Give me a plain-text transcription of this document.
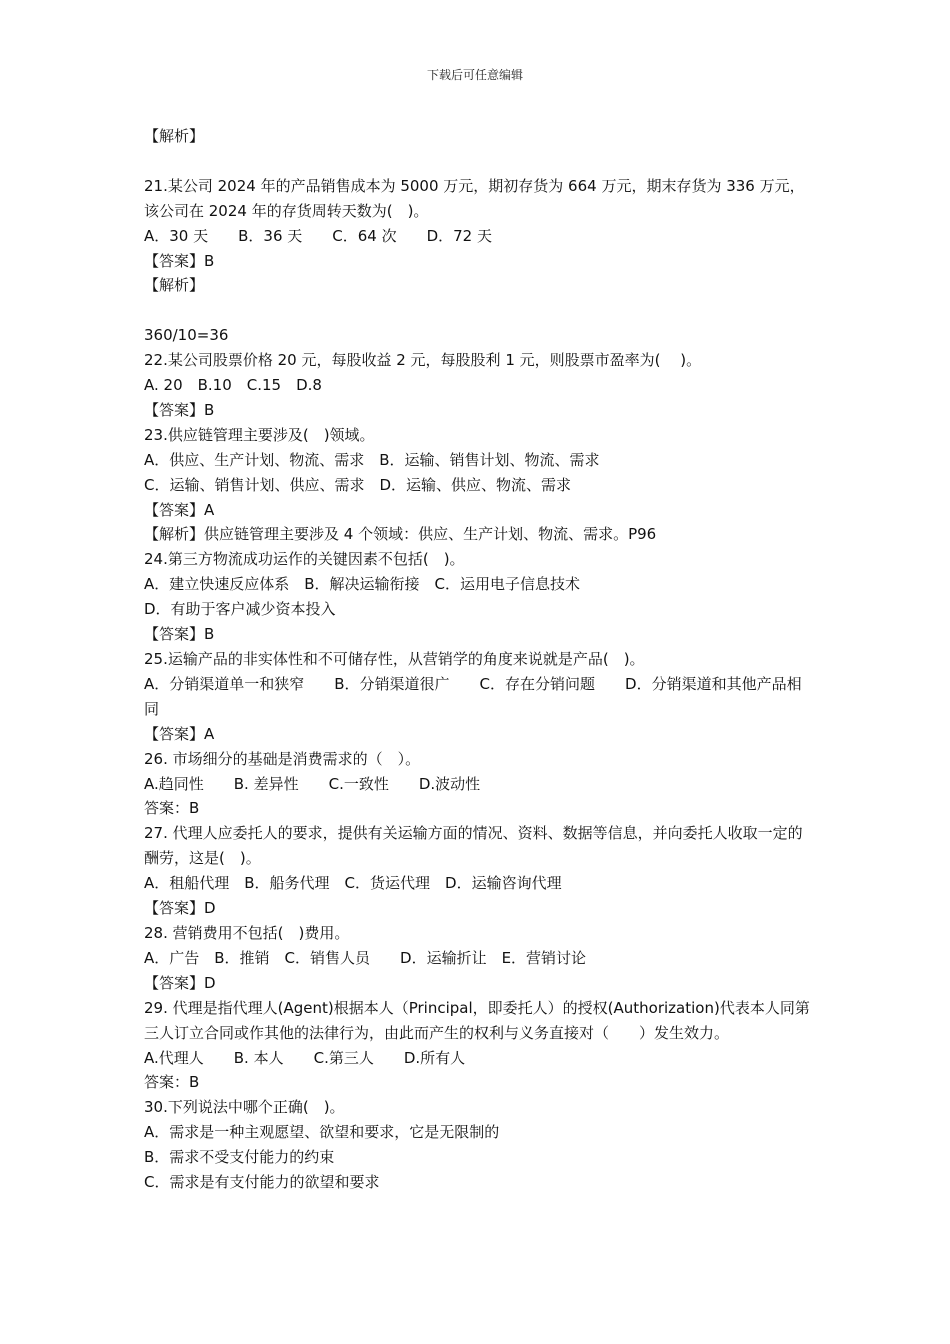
下载后可任意编辑
【解析】
21.某公司 2024 年的产品销售成本为 5000 万元，期初存货为 664 万元，期末存货为 336 万元，　 该公司在 2024 年的存货周转天数为(　)。
A．30 天　　B．36 天　　C．64 次　　D．72 天
【答案】B
【解析】
360/10=36
22.某公司股票价格 20 元，每股收益 2 元，每股股利 1 元，则股票市盈率为(　 )。
A. 20　B.10　C.15　D.8
【答案】B
23.供应链管理主要涉及(　)领域。
A．供应、生产计划、物流、需求　B．运输、销售计划、物流、需求
C．运输、销售计划、供应、需求　D．运输、供应、物流、需求
【答案】A
【解析】供应链管理主要涉及 4 个领域：供应、生产计划、物流、需求。P96
24.第三方物流成功运作的关键因素不包括(　)。
A．建立快速反应体系　B．解决运输衔接　C．运用电子信息技术
D．有助于客户减少资本投入
【答案】B
25.运输产品的非实体性和不可储存性，从营销学的角度来说就是产品(　)。
A．分销渠道单一和狭窄　　B．分销渠道很广　　C．存在分销问题　　D．分销渠道和其他产品相同
【答案】A
26. 市场细分的基础是消费需求的（　）。
A.趋同性　　B. 差异性　　C.一致性　　D.波动性
答案：B
27. 代理人应委托人的要求，提供有关运输方面的情况、资料、数据等信息，并向委托人收取一定的酬劳，这是(　)。
A．租船代理　B．船务代理　C．货运代理　D．运输咨询代理
【答案】D
28. 营销费用不包括(　)费用。
A．广告　B．推销　C．销售人员　　D．运输折让　E．营销讨论
【答案】D
29. 代理是指代理人(Agent)根据本人（Principal，即委托人）的授权(Authorization)代表本人同第三人订立合同或作其他的法律行为，由此而产生的权利与义务直接对（　　）发生效力。
A.代理人　　B. 本人　　C.第三人　　D.所有人
答案：B
30.下列说法中哪个正确(　)。
A．需求是一种主观愿望、欲望和要求，它是无限制的
B．需求不受支付能力的约束
C．需求是有支付能力的欲望和要求
